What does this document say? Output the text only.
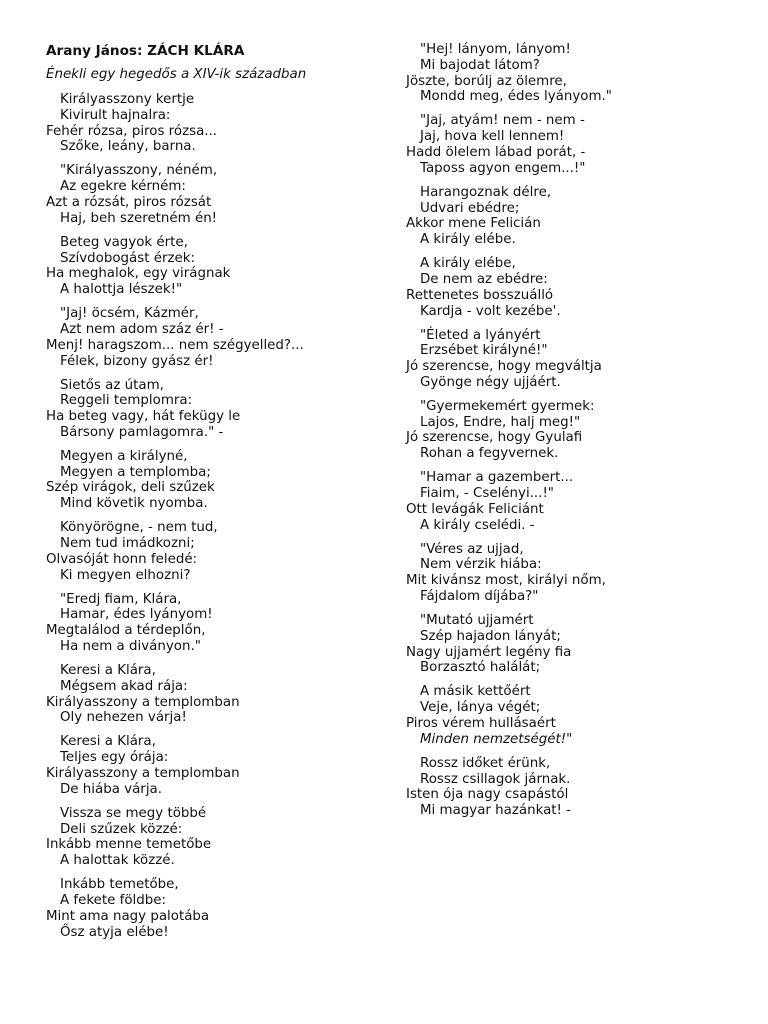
Arany János: ZÁCH KLÁRA
Énekli egy hegedős a XIV-ik században
Királyasszony kertje
Kivirult hajnalra:
Fehér rózsa, piros rózsa...
Szőke, leány, barna.
"Királyasszony, néném,
Az egekre kérném:
Azt a rózsát, piros rózsát
Haj, beh szeretném én!
Beteg vagyok érte,
Szívdobogást érzek:
Ha meghalok, egy virágnak
A halottja lészek!"
"Jaj! öcsém, Kázmér,
Azt nem adom száz ér! -
Menj! haragszom... nem szégyelled?...
Félek, bizony gyász ér!
Sietős az útam,
Reggeli templomra:
Ha beteg vagy, hát fekügy le
Bársony pamlagomra." -
Megyen a királyné,
Megyen a templomba;
Szép virágok, deli szűzek
Mind követik nyomba.
Könyörögne, - nem tud,
Nem tud imádkozni;
Olvasóját honn feledé:
Ki megyen elhozni?
"Eredj fiam, Klára,
Hamar, édes lyányom!
Megtalálod a térdeplőn,
Ha nem a diványon."
Keresi a Klára,
Mégsem akad rája:
Királyasszony a templomban
Oly nehezen várja!
Keresi a Klára,
Teljes egy órája:
Királyasszony a templomban
De hiába várja.
Vissza se megy többé
Deli szűzek közzé:
Inkább menne temetőbe
A halottak közzé.
Inkább temetőbe,
A fekete földbe:
Mint ama nagy palotába
Ősz atyja elébe!
"Hej! lányom, lányom!
Mi bajodat látom?
Jöszte, borúlj az ölemre,
Mondd meg, édes lyányom."
"Jaj, atyám! nem - nem -
Jaj, hova kell lennem!
Hadd ölelem lábad porát, -
Taposs agyon engem...!"
Harangoznak délre,
Udvari ebédre;
Akkor mene Felicián
A király elébe.
A király elébe,
De nem az ebédre:
Rettenetes bosszuálló
Kardja - volt kezébe'.
"Életed a lyányért
Erzsébet királyné!"
Jó szerencse, hogy megváltja
Gyönge négy ujjáért.
"Gyermekemért gyermek:
Lajos, Endre, halj meg!"
Jó szerencse, hogy Gyulafi
Rohan a fegyvernek.
"Hamar a gazembert...
Fiaim, - Cselényi...!"
Ott levágák Feliciánt
A király cselédi. -
"Véres az ujjad,
Nem vérzik hiába:
Mit kivánsz most, királyi nőm,
Fájdalom díjába?"
"Mutató ujjamért
Szép hajadon lányát;
Nagy ujjamért legény fia
Borzasztó halálát;
A másik kettőért
Veje, lánya végét;
Piros vérem hullásaért
Minden nemzetségét!"
Rossz időket érünk,
Rossz csillagok járnak.
Isten ója nagy csapástól
Mi magyar hazánkat! -
